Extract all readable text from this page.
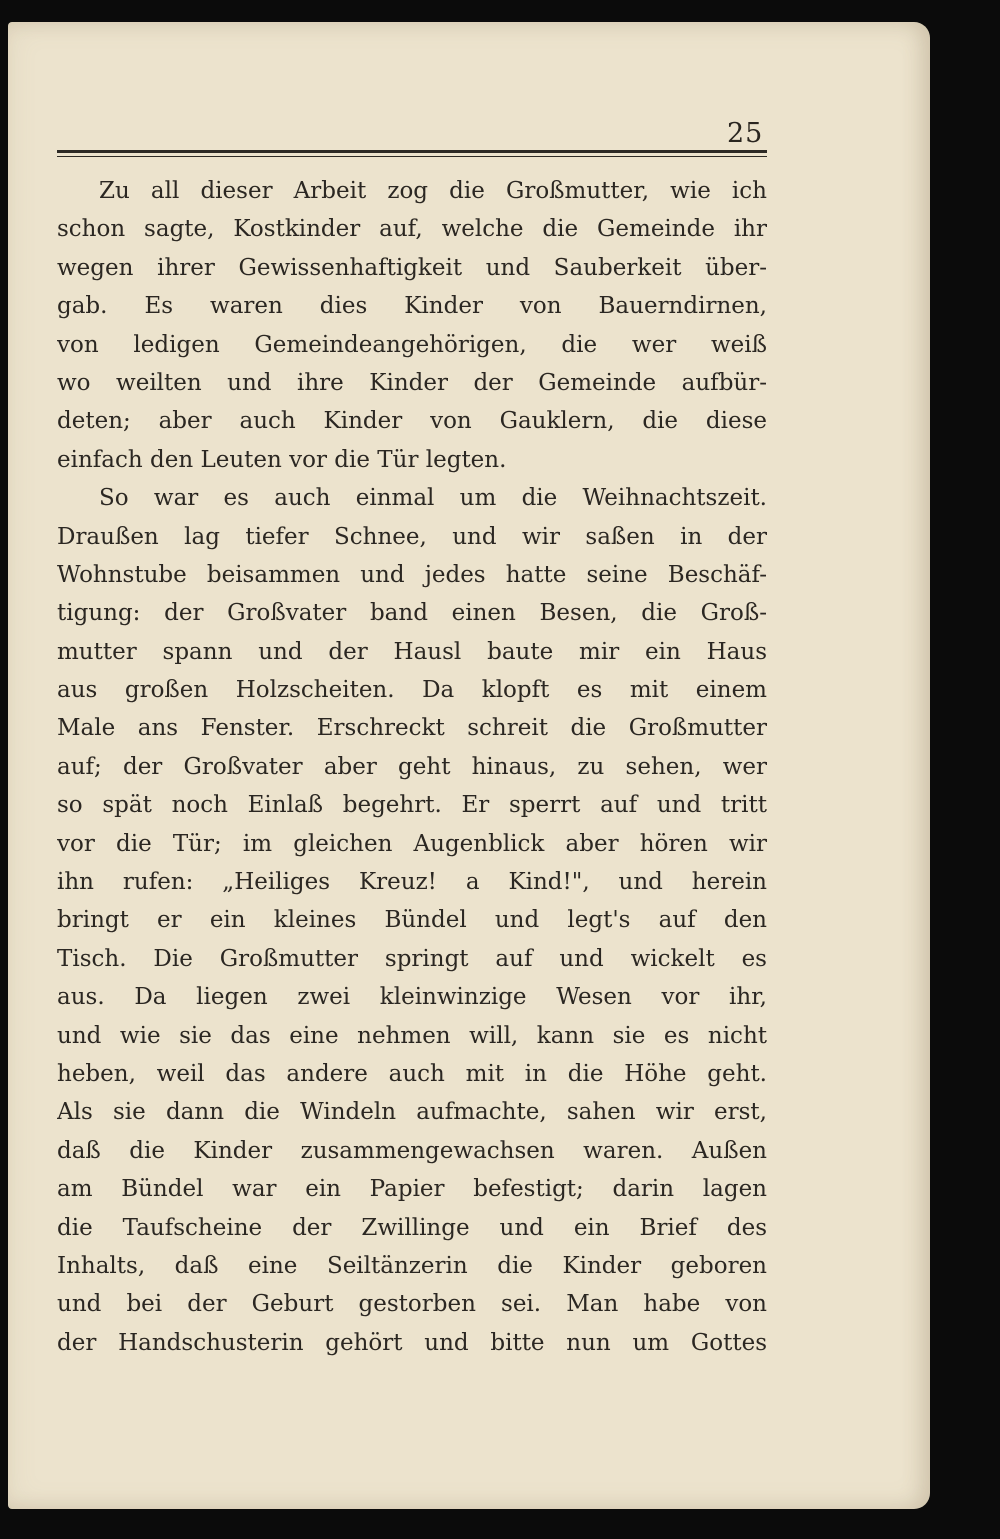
25
Zu all dieser Arbeit zog die Großmutter, wie ich
schon sagte, Kostkinder auf, welche die Gemeinde ihr
wegen ihrer Gewissenhaftigkeit und Sauberkeit über-
gab. Es waren dies Kinder von Bauerndirnen,
von ledigen Gemeindeangehörigen, die wer weiß
wo weilten und ihre Kinder der Gemeinde aufbür-
deten; aber auch Kinder von Gauklern, die diese
einfach den Leuten vor die Tür legten.
So war es auch einmal um die Weihnachtszeit.
Draußen lag tiefer Schnee, und wir saßen in der
Wohnstube beisammen und jedes hatte seine Beschäf-
tigung: der Großvater band einen Besen, die Groß-
mutter spann und der Hausl baute mir ein Haus
aus großen Holzscheiten. Da klopft es mit einem
Male ans Fenster. Erschreckt schreit die Großmutter
auf; der Großvater aber geht hinaus, zu sehen, wer
so spät noch Einlaß begehrt. Er sperrt auf und tritt
vor die Tür; im gleichen Augenblick aber hören wir
ihn rufen: „Heiliges Kreuz! a Kind!", und herein
bringt er ein kleines Bündel und legt's auf den
Tisch. Die Großmutter springt auf und wickelt es
aus. Da liegen zwei kleinwinzige Wesen vor ihr,
und wie sie das eine nehmen will, kann sie es nicht
heben, weil das andere auch mit in die Höhe geht.
Als sie dann die Windeln aufmachte, sahen wir erst,
daß die Kinder zusammengewachsen waren. Außen
am Bündel war ein Papier befestigt; darin lagen
die Taufscheine der Zwillinge und ein Brief des
Inhalts, daß eine Seiltänzerin die Kinder geboren
und bei der Geburt gestorben sei. Man habe von
der Handschusterin gehört und bitte nun um Gottes
